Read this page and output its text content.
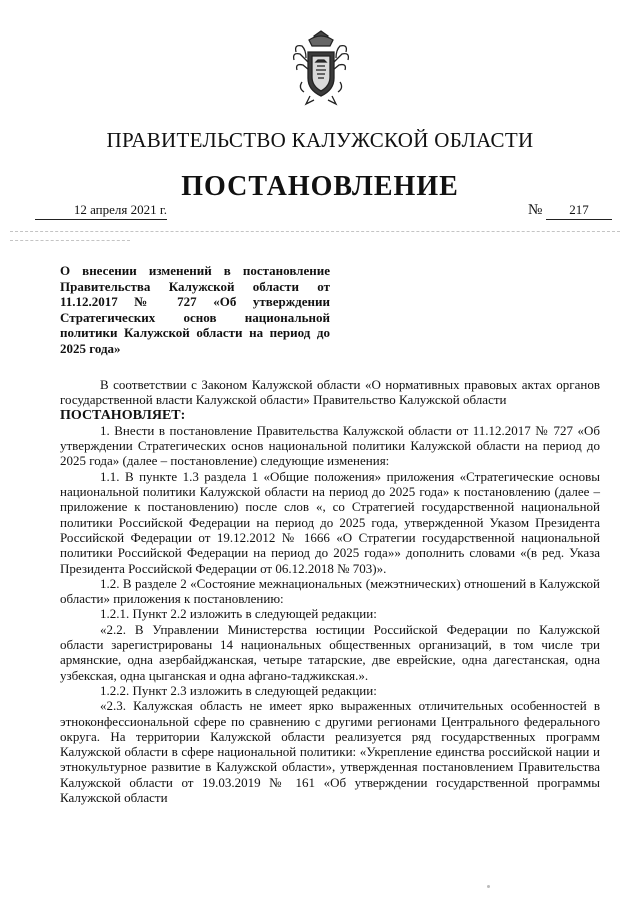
ПРАВИТЕЛЬСТВО КАЛУЖСКОЙ ОБЛАСТИ
ПОСТАНОВЛЕНИЕ
12 апреля 2021 г.	№	217
О внесении изменений в постановление Правительства Калужской области от 11.12.2017 № 727 «Об утверждении Стратегических основ национальной политики Калужской области на период до 2025 года»

В соответствии с Законом Калужской области «О нормативных правовых актах органов государственной власти Калужской области» Правительство Калужской области

ПОСТАНОВЛЯЕТ:

1. Внести в постановление Правительства Калужской области от 11.12.2017 № 727 «Об утверждении Стратегических основ национальной политики Калужской области на период до 2025 года» (далее – постановление) следующие изменения:

1.1. В пункте 1.3 раздела 1 «Общие положения» приложения «Стратегические основы национальной политики Калужской области на период до 2025 года» к постановлению (далее – приложение к постановлению) после слов «, со Стратегией государственной национальной политики Российской Федерации на период до 2025 года, утвержденной Указом Президента Российской Федерации от 19.12.2012 № 1666 «О Стратегии государственной национальной политики Российской Федерации на период до 2025 года»» дополнить словами «(в ред. Указа Президента Российской Федерации от 06.12.2018 № 703)».

1.2. В разделе 2 «Состояние межнациональных (межэтнических) отношений в Калужской области» приложения к постановлению:

1.2.1. Пункт 2.2 изложить в следующей редакции:

«2.2. В Управлении Министерства юстиции Российской Федерации по Калужской области зарегистрированы 14 национальных общественных организаций, в том числе три армянские, одна азербайджанская, четыре татарские, две еврейские, одна дагестанская, одна узбекская, одна цыганская и одна афгано-таджикская.».

1.2.2. Пункт 2.3 изложить в следующей редакции:

«2.3. Калужская область не имеет ярко выраженных отличительных особенностей в этноконфессиональной сфере по сравнению с другими регионами Центрального федерального округа. На территории Калужской области реализуется ряд государственных программ Калужской области в сфере национальной политики: «Укрепление единства российской нации и этнокультурное развитие в Калужской области», утвержденная постановлением Правительства Калужской области от 19.03.2019 № 161 «Об утверждении государственной программы Калужской области
